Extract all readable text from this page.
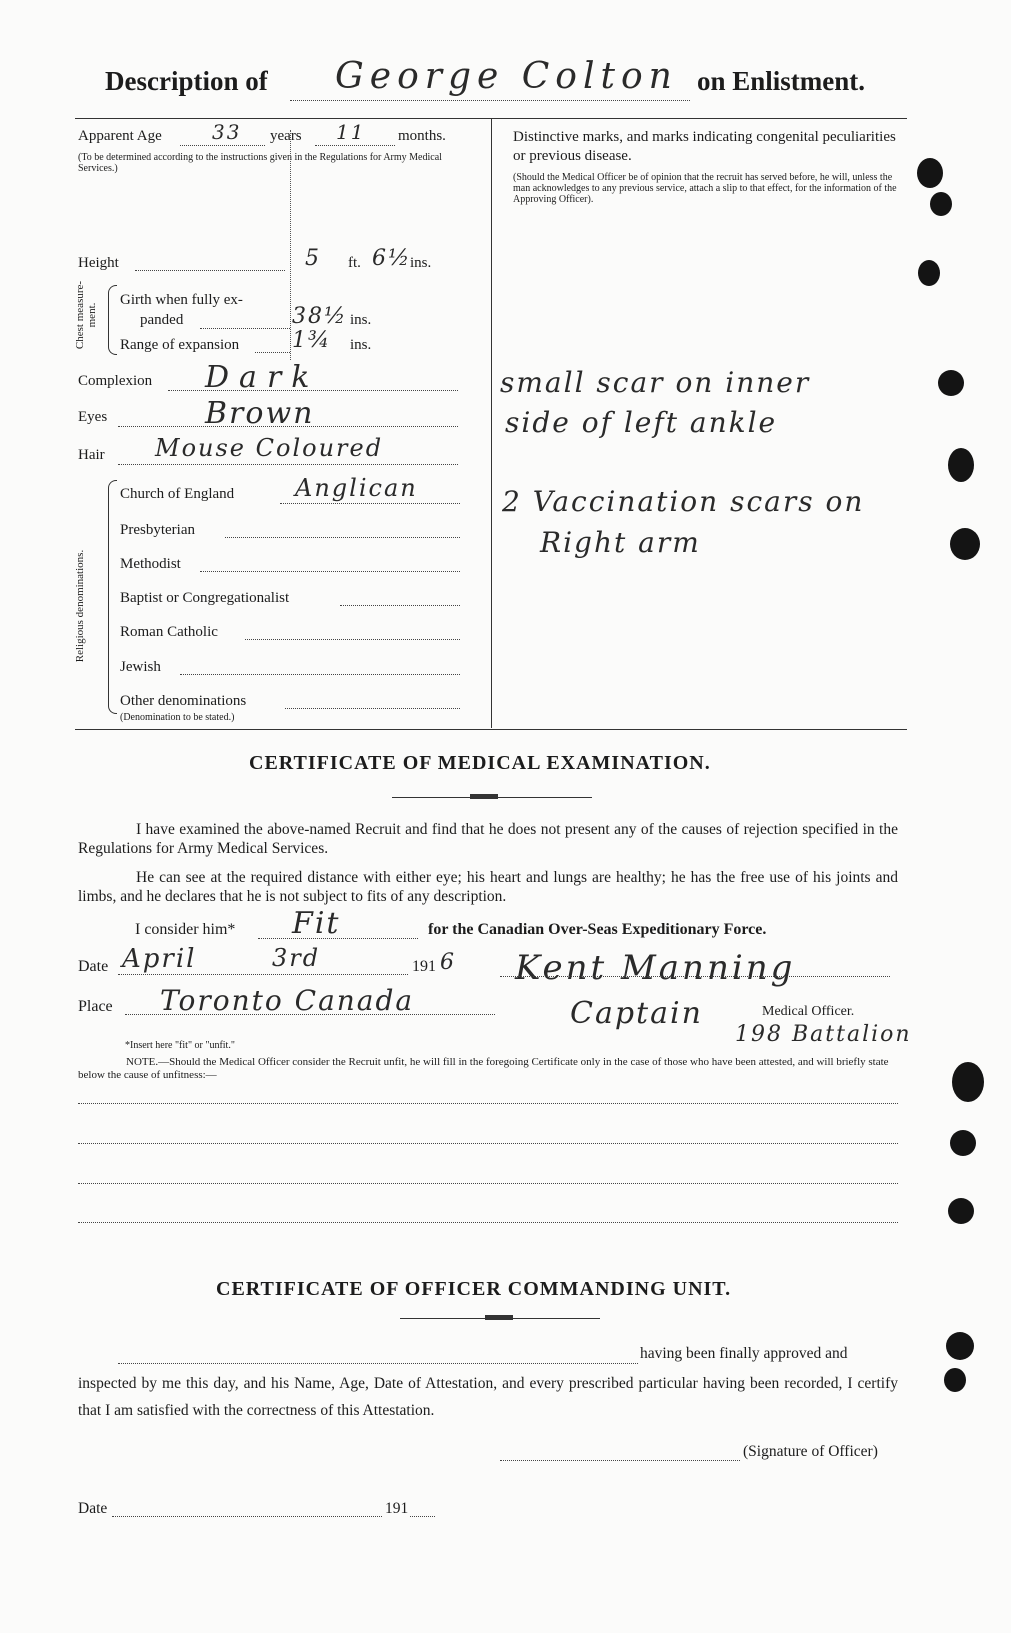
Description of George Colton on Enlistment.
Apparent Age	33 years 11 months.
(To be determined according to the instructions given in the Regulations for Army Medical Services.)
Height	5 ft. 6½
ins.
Chest measure-ment.
Girth when fully ex-
panded	38½ ins.
Range of expansion 1¾ ins.
Complexion Dark
Eyes	Brown
Hair Mouse Coloured
Religious denominations.
Church of England	Anglican
Presbyterian
Methodist
Baptist or Congregationalist
Roman Catholic
Jewish
Other denominations
(Denomination to be stated.)
Distinctive marks, and marks indicating congenital peculiarities or previous disease.
(Should the Medical Officer be of opinion that the recruit has served before, he will, unless the man acknowledges to any previous service, attach a slip to that effect, for the information of the Approving Officer).
small scar on inner
side of left ankle
2 Vaccination scars on
Right arm
CERTIFICATE OF MEDICAL EXAMINATION.
I have examined the above-named Recruit and find that he does not present any of the causes of rejection specified in the Regulations for Army Medical Services.
He can see at the required distance with either eye; his heart and lungs are healthy; he has the free use of his joints and limbs, and he declares that he is not subject to fits of any description.
I consider him* Fit	for the Canadian Over-Seas Expeditionary Force.
Date April	3rd	191 6 Kent Manning
Place Toronto Canada	Captain	Medical Officer.
198 Battalion
*Insert here "fit" or "unfit."
NOTE.—Should the Medical Officer consider the Recruit unfit, he will fill in the foregoing Certificate only in the case of those who have been attested, and will briefly state below the cause of unfitness:—
CERTIFICATE OF OFFICER COMMANDING UNIT.
having been finally approved and
inspected by me this day, and his Name, Age, Date of Attestation, and every prescribed particular having been recorded, I certify that I am satisfied with the correctness of this Attestation.
(Signature of Officer)
Date	191
